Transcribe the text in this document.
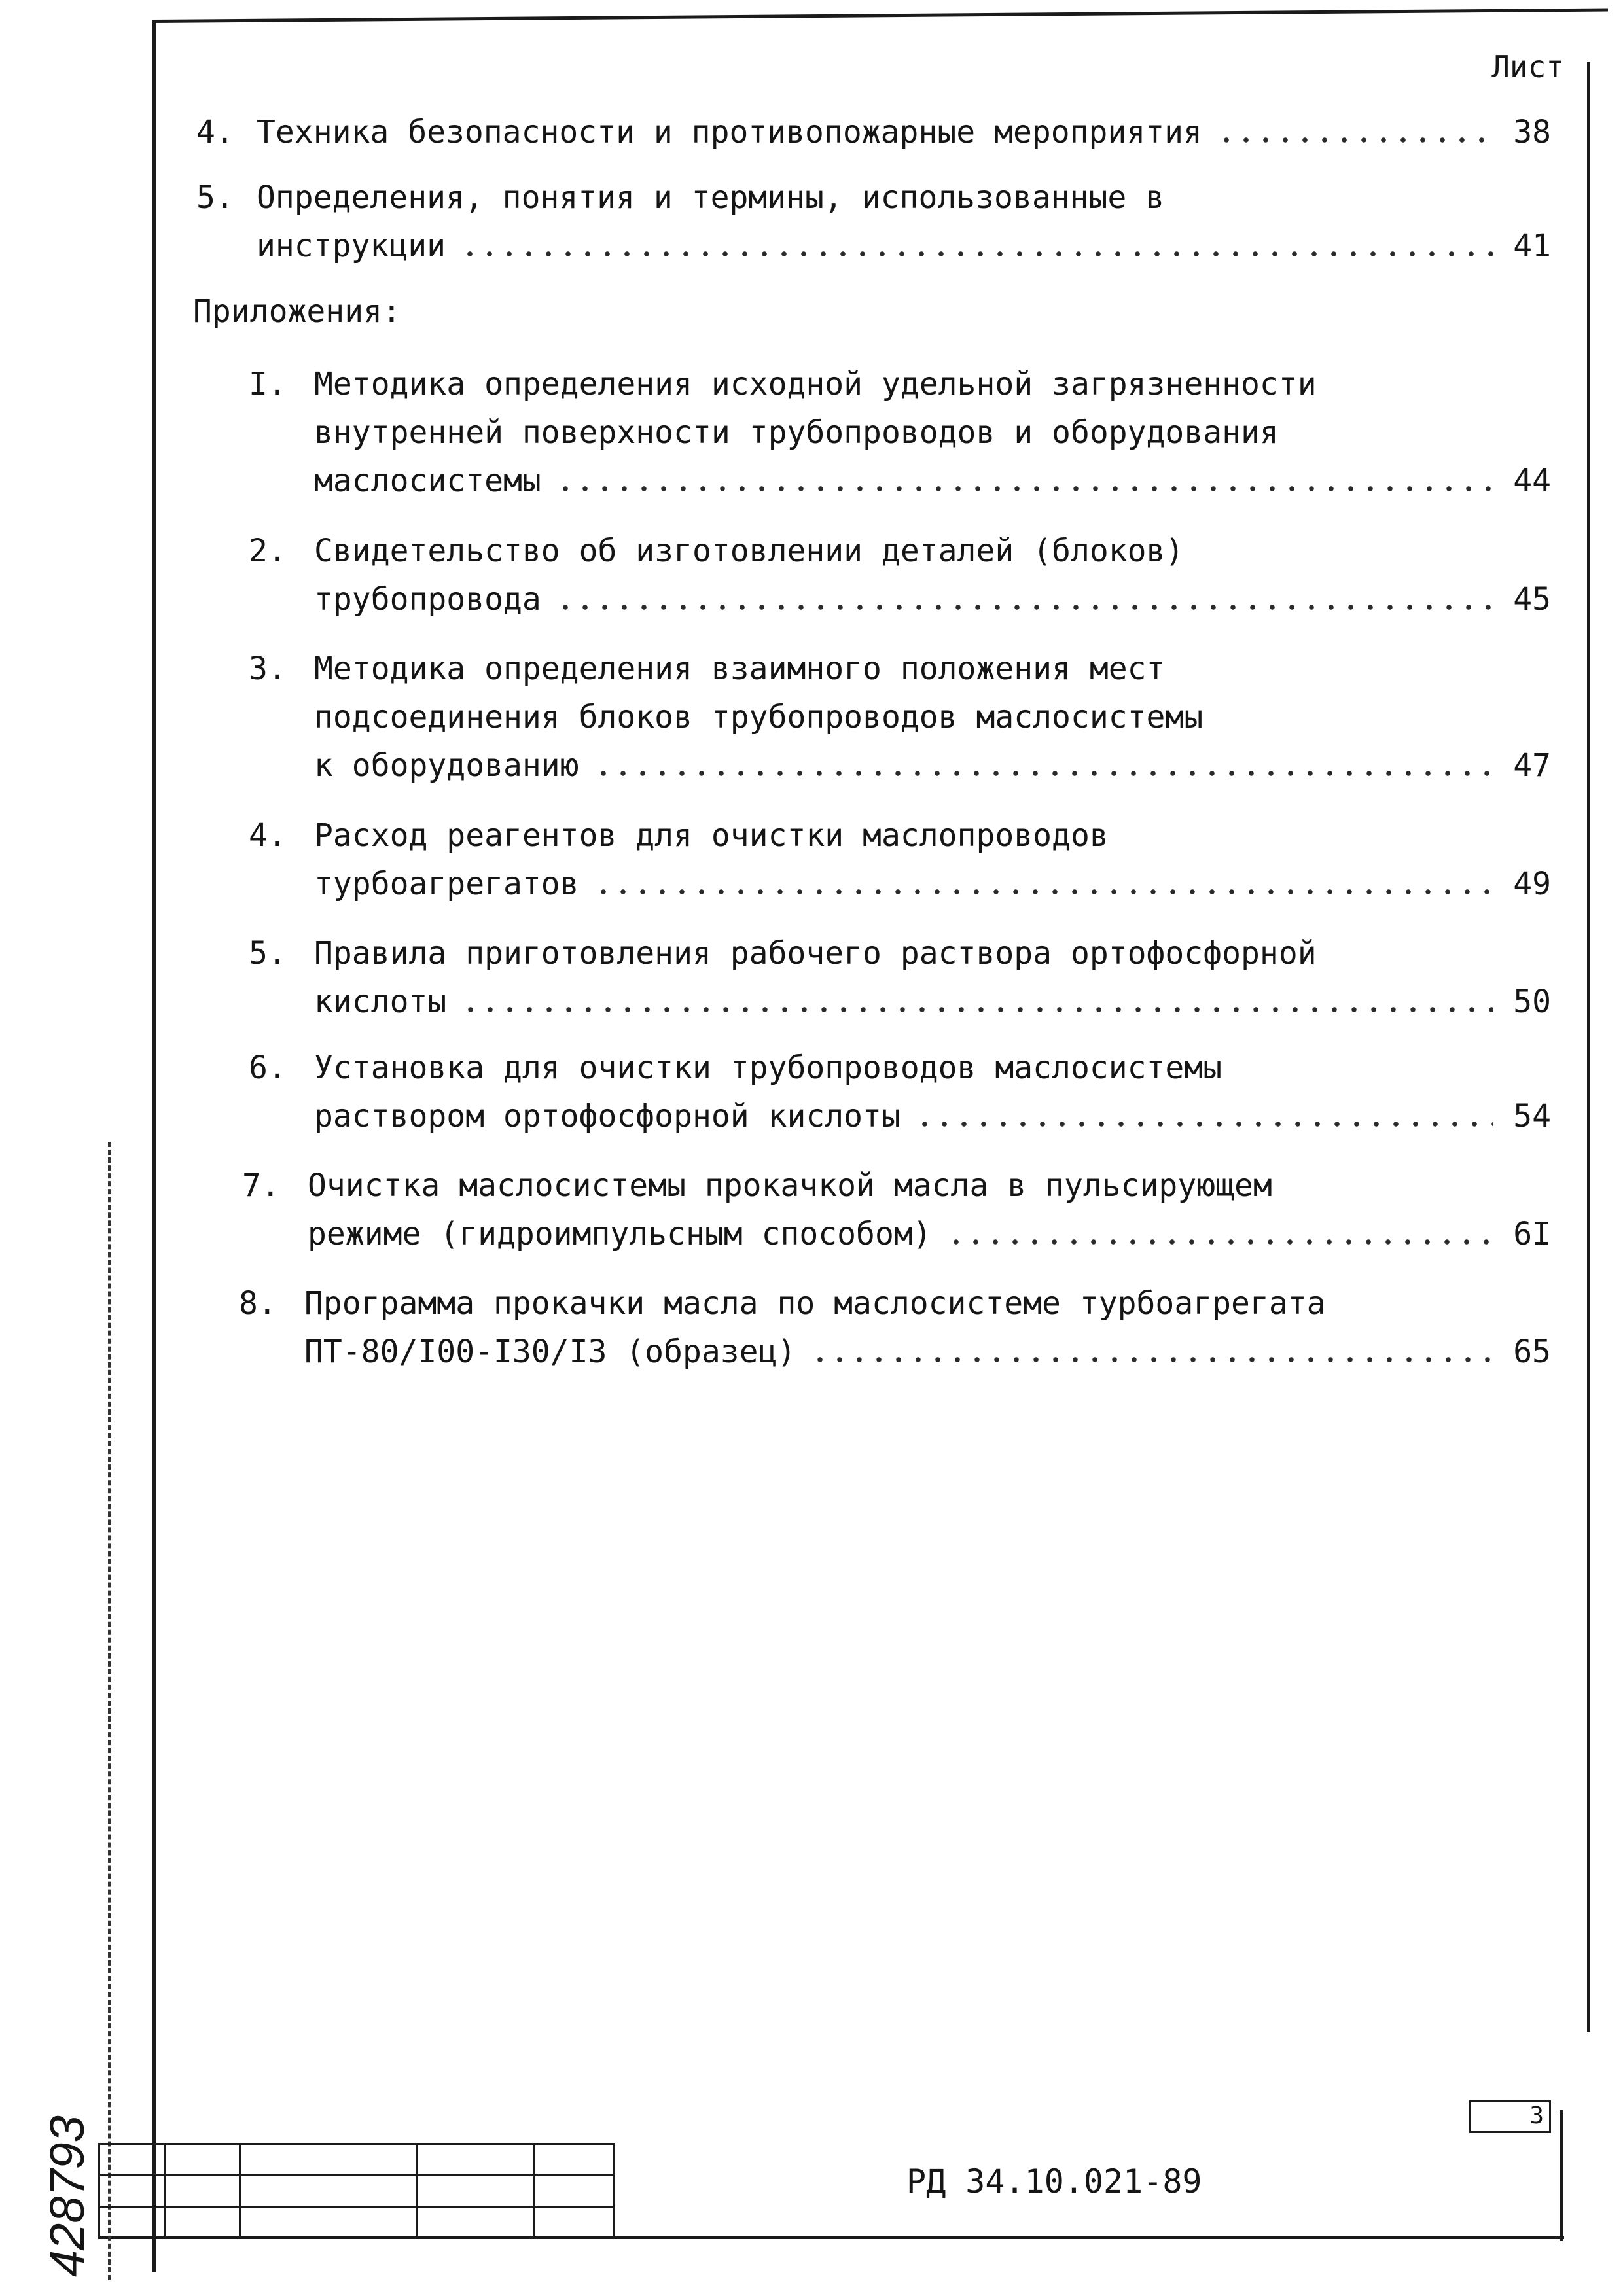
Лист
4. Техника безопасности и противопожарные мероприятия	38
5. Определения, понятия и термины, использованные в
инструкции	41
Приложения:
I. Методика определения исходной удельной загрязненности
внутренней поверхности трубопроводов и оборудования
маслосистемы	44
2. Свидетельство об изготовлении деталей (блоков)
трубопровода	45
3. Методика определения взаимного положения мест
подсоединения блоков трубопроводов маслосистемы
к оборудованию	47
4. Расход реагентов для очистки маслопроводов
турбоагрегатов	49
5. Правила приготовления рабочего раствора ортофосфорной
кислоты	50
6. Установка для очистки трубопроводов маслосистемы
раствором ортофосфорной кислоты	54
7. Очистка маслосистемы прокачкой масла в пульсирующем
режиме (гидроимпульсным способом)	6I
8. Программа прокачки масла по маслосистеме турбоагрегата
ПТ-80/I00-I30/I3 (образец)	65
428793	РД 34.10.021-89
3
